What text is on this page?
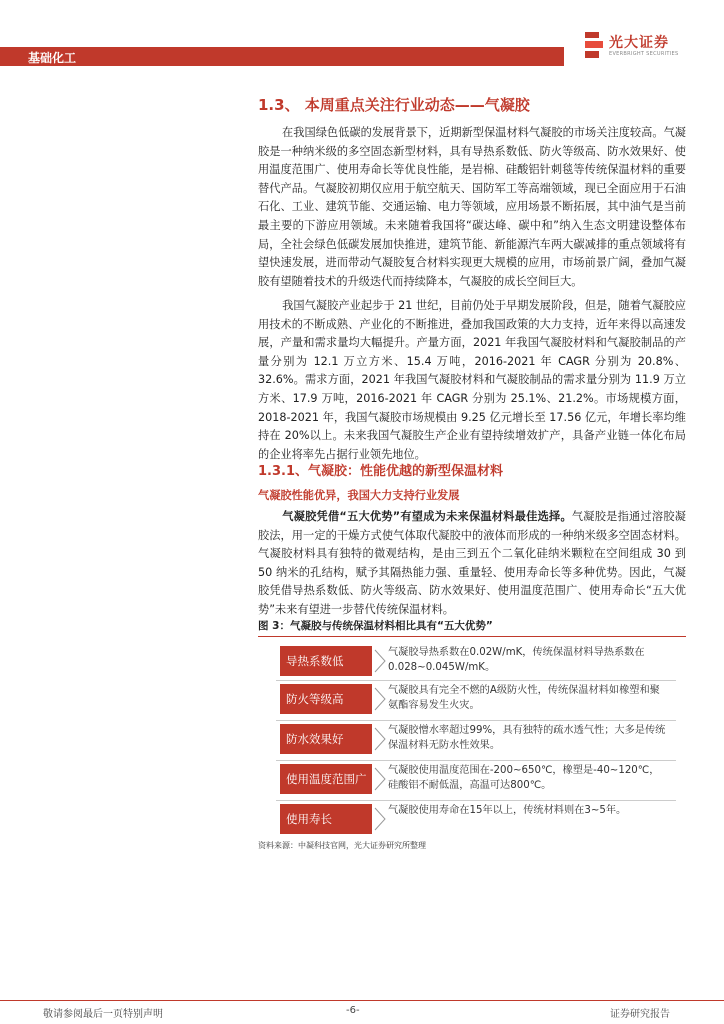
基础化工
光大证券
EVERBRIGHT SECURITIES
1.3、 本周重点关注行业动态——气凝胶

在我国绿色低碳的发展背景下，近期新型保温材料气凝胶的市场关注度较高。气凝胶是一种纳米级的多空固态新型材料，具有导热系数低、防火等级高、防水效果好、使用温度范围广、使用寿命长等优良性能，是岩棉、硅酸铝针刺毯等传统保温材料的重要替代产品。气凝胶初期仅应用于航空航天、国防军工等高端领域，现已全面应用于石油石化、工业、建筑节能、交通运输、电力等领域，应用场景不断拓展，其中油气是当前最主要的下游应用领域。未来随着我国将“碳达峰、碳中和”纳入生态文明建设整体布局，全社会绿色低碳发展加快推进，建筑节能、新能源汽车两大碳减排的重点领域将有望快速发展，进而带动气凝胶复合材料实现更大规模的应用，市场前景广阔，叠加气凝胶有望随着技术的升级迭代而持续降本，气凝胶的成长空间巨大。

我国气凝胶产业起步于 21 世纪，目前仍处于早期发展阶段，但是，随着气凝胶应用技术的不断成熟、产业化的不断推进，叠加我国政策的大力支持，近年来得以高速发展，产量和需求量均大幅提升。产量方面，2021 年我国气凝胶材料和气凝胶制品的产量分别为 12.1 万立方米、15.4 万吨，2016-2021 年 CAGR 分别为 20.8%、32.6%。需求方面，2021 年我国气凝胶材料和气凝胶制品的需求量分别为 11.9 万立方米、17.9 万吨，2016-2021 年 CAGR 分别为 25.1%、21.2%。市场规模方面，2018-2021 年，我国气凝胶市场规模由 9.25 亿元增长至 17.56 亿元，年增长率均维持在 20%以上。未来我国气凝胶生产企业有望持续增效扩产，具备产业链一体化布局的企业将率先占据行业领先地位。

1.3.1、气凝胶：性能优越的新型保温材料
气凝胶性能优异，我国大力支持行业发展

气凝胶凭借“五大优势”有望成为未来保温材料最佳选择。气凝胶是指通过溶胶凝胶法，用一定的干燥方式使气体取代凝胶中的液体而形成的一种纳米级多空固态材料。气凝胶材料具有独特的微观结构，是由三到五个二氧化硅纳米颗粒在空间组成 30 到 50 纳米的孔结构，赋予其隔热能力强、重量轻、使用寿命长等多种优势。因此，气凝胶凭借导热系数低、防火等级高、防水效果好、使用温度范围广、使用寿命长“五大优势”未来有望进一步替代传统保温材料。

图 3：气凝胶与传统保温材料相比具有“五大优势”
导热系数低
气凝胶导热系数在0.02W/mK，传统保温材料导热系数在0.028~0.045W/mK。
防火等级高
气凝胶具有完全不燃的A级防火性，传统保温材料如橡塑和聚氨酯容易发生火灾。
防水效果好
气凝胶憎水率超过99%，具有独特的疏水透气性；大多是传统保温材料无防水性效果。
使用温度范围广
气凝胶使用温度范围在-200~650℃，橡塑是-40~120℃，硅酸铝不耐低温，高温可达800℃。
使用寿长
气凝胶使用寿命在15年以上，传统材料则在3~5年。
资料来源：中凝科技官网，光大证券研究所整理
敬请参阅最后一页特别声明	-6-	证券研究报告
